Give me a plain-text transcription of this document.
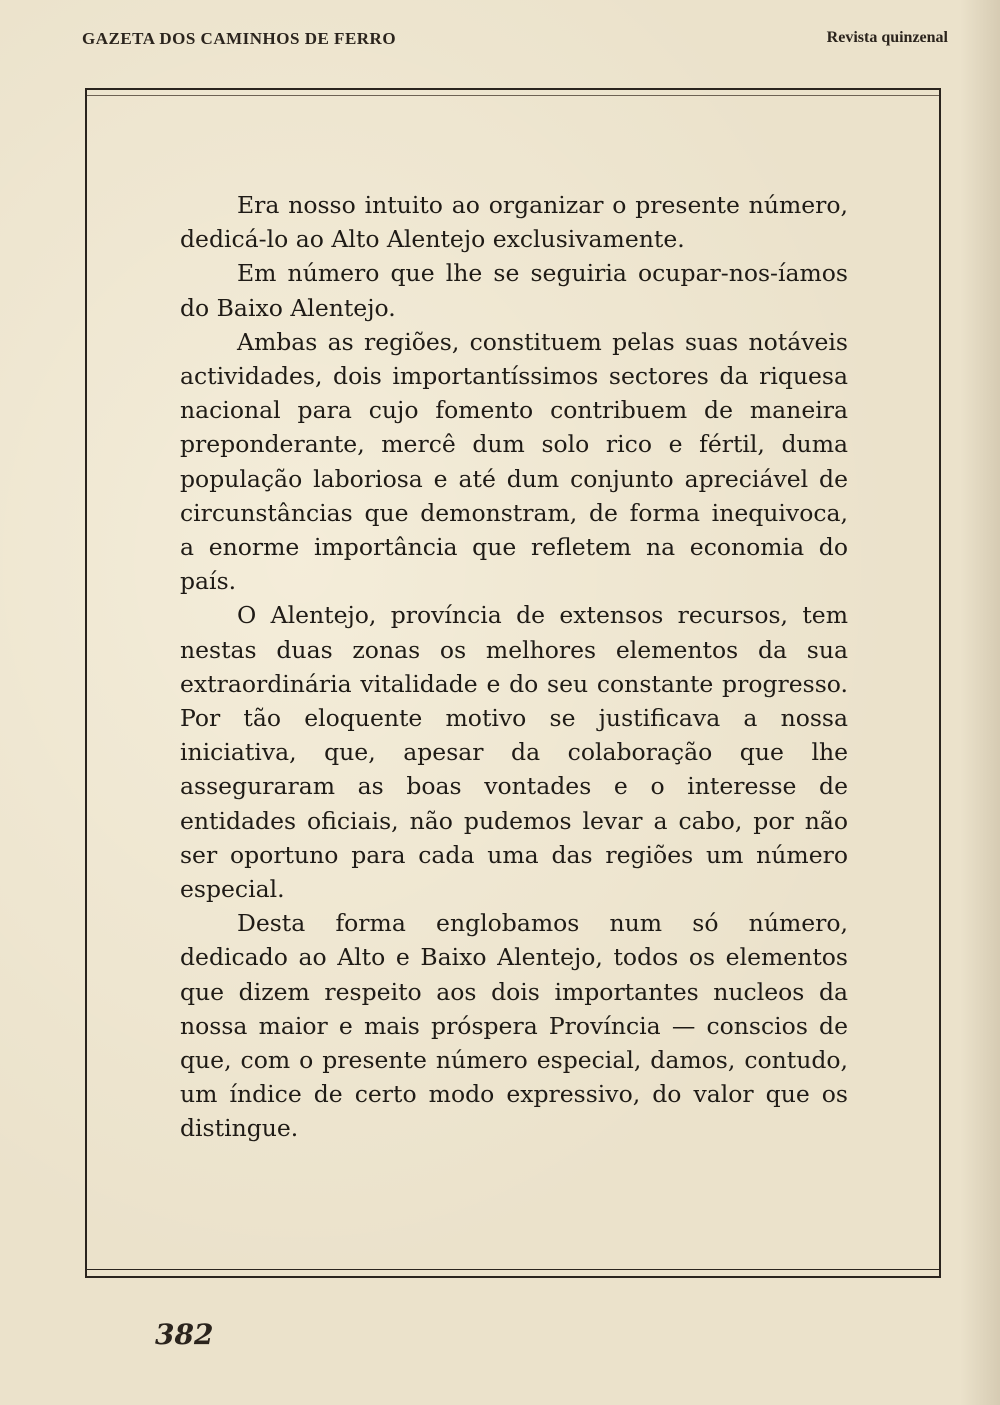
GAZETA DOS CAMINHOS DE FERRO	Revista quinzenal

Era nosso intuito ao organizar o presente número, dedicá-lo ao Alto Alentejo exclusivamente.

Em número que lhe se seguiria ocupar-nos-íamos do Baixo Alentejo.

Ambas as regiões, constituem pelas suas notáveis actividades, dois importantíssimos sectores da riquesa nacional para cujo fomento contribuem de maneira preponderante, mercê dum solo rico e fértil, duma população laboriosa e até dum conjunto apreciável de circunstâncias que demonstram, de forma inequivoca, a enorme importância que refletem na economia do país.

O Alentejo, província de extensos recursos, tem nestas duas zonas os melhores elementos da sua extraordinária vitalidade e do seu constante progresso. Por tão eloquente motivo se justificava a nossa iniciativa, que, apesar da colaboração que lhe asseguraram as boas vontades e o interesse de entidades oficiais, não pudemos levar a cabo, por não ser oportuno para cada uma das regiões um número especial.

Desta forma englobamos num só número, dedicado ao Alto e Baixo Alentejo, todos os elementos que dizem respeito aos dois importantes nucleos da nossa maior e mais próspera Província — conscios de que, com o presente número especial, damos, contudo, um índice de certo modo expressivo, do valor que os distingue.

382
